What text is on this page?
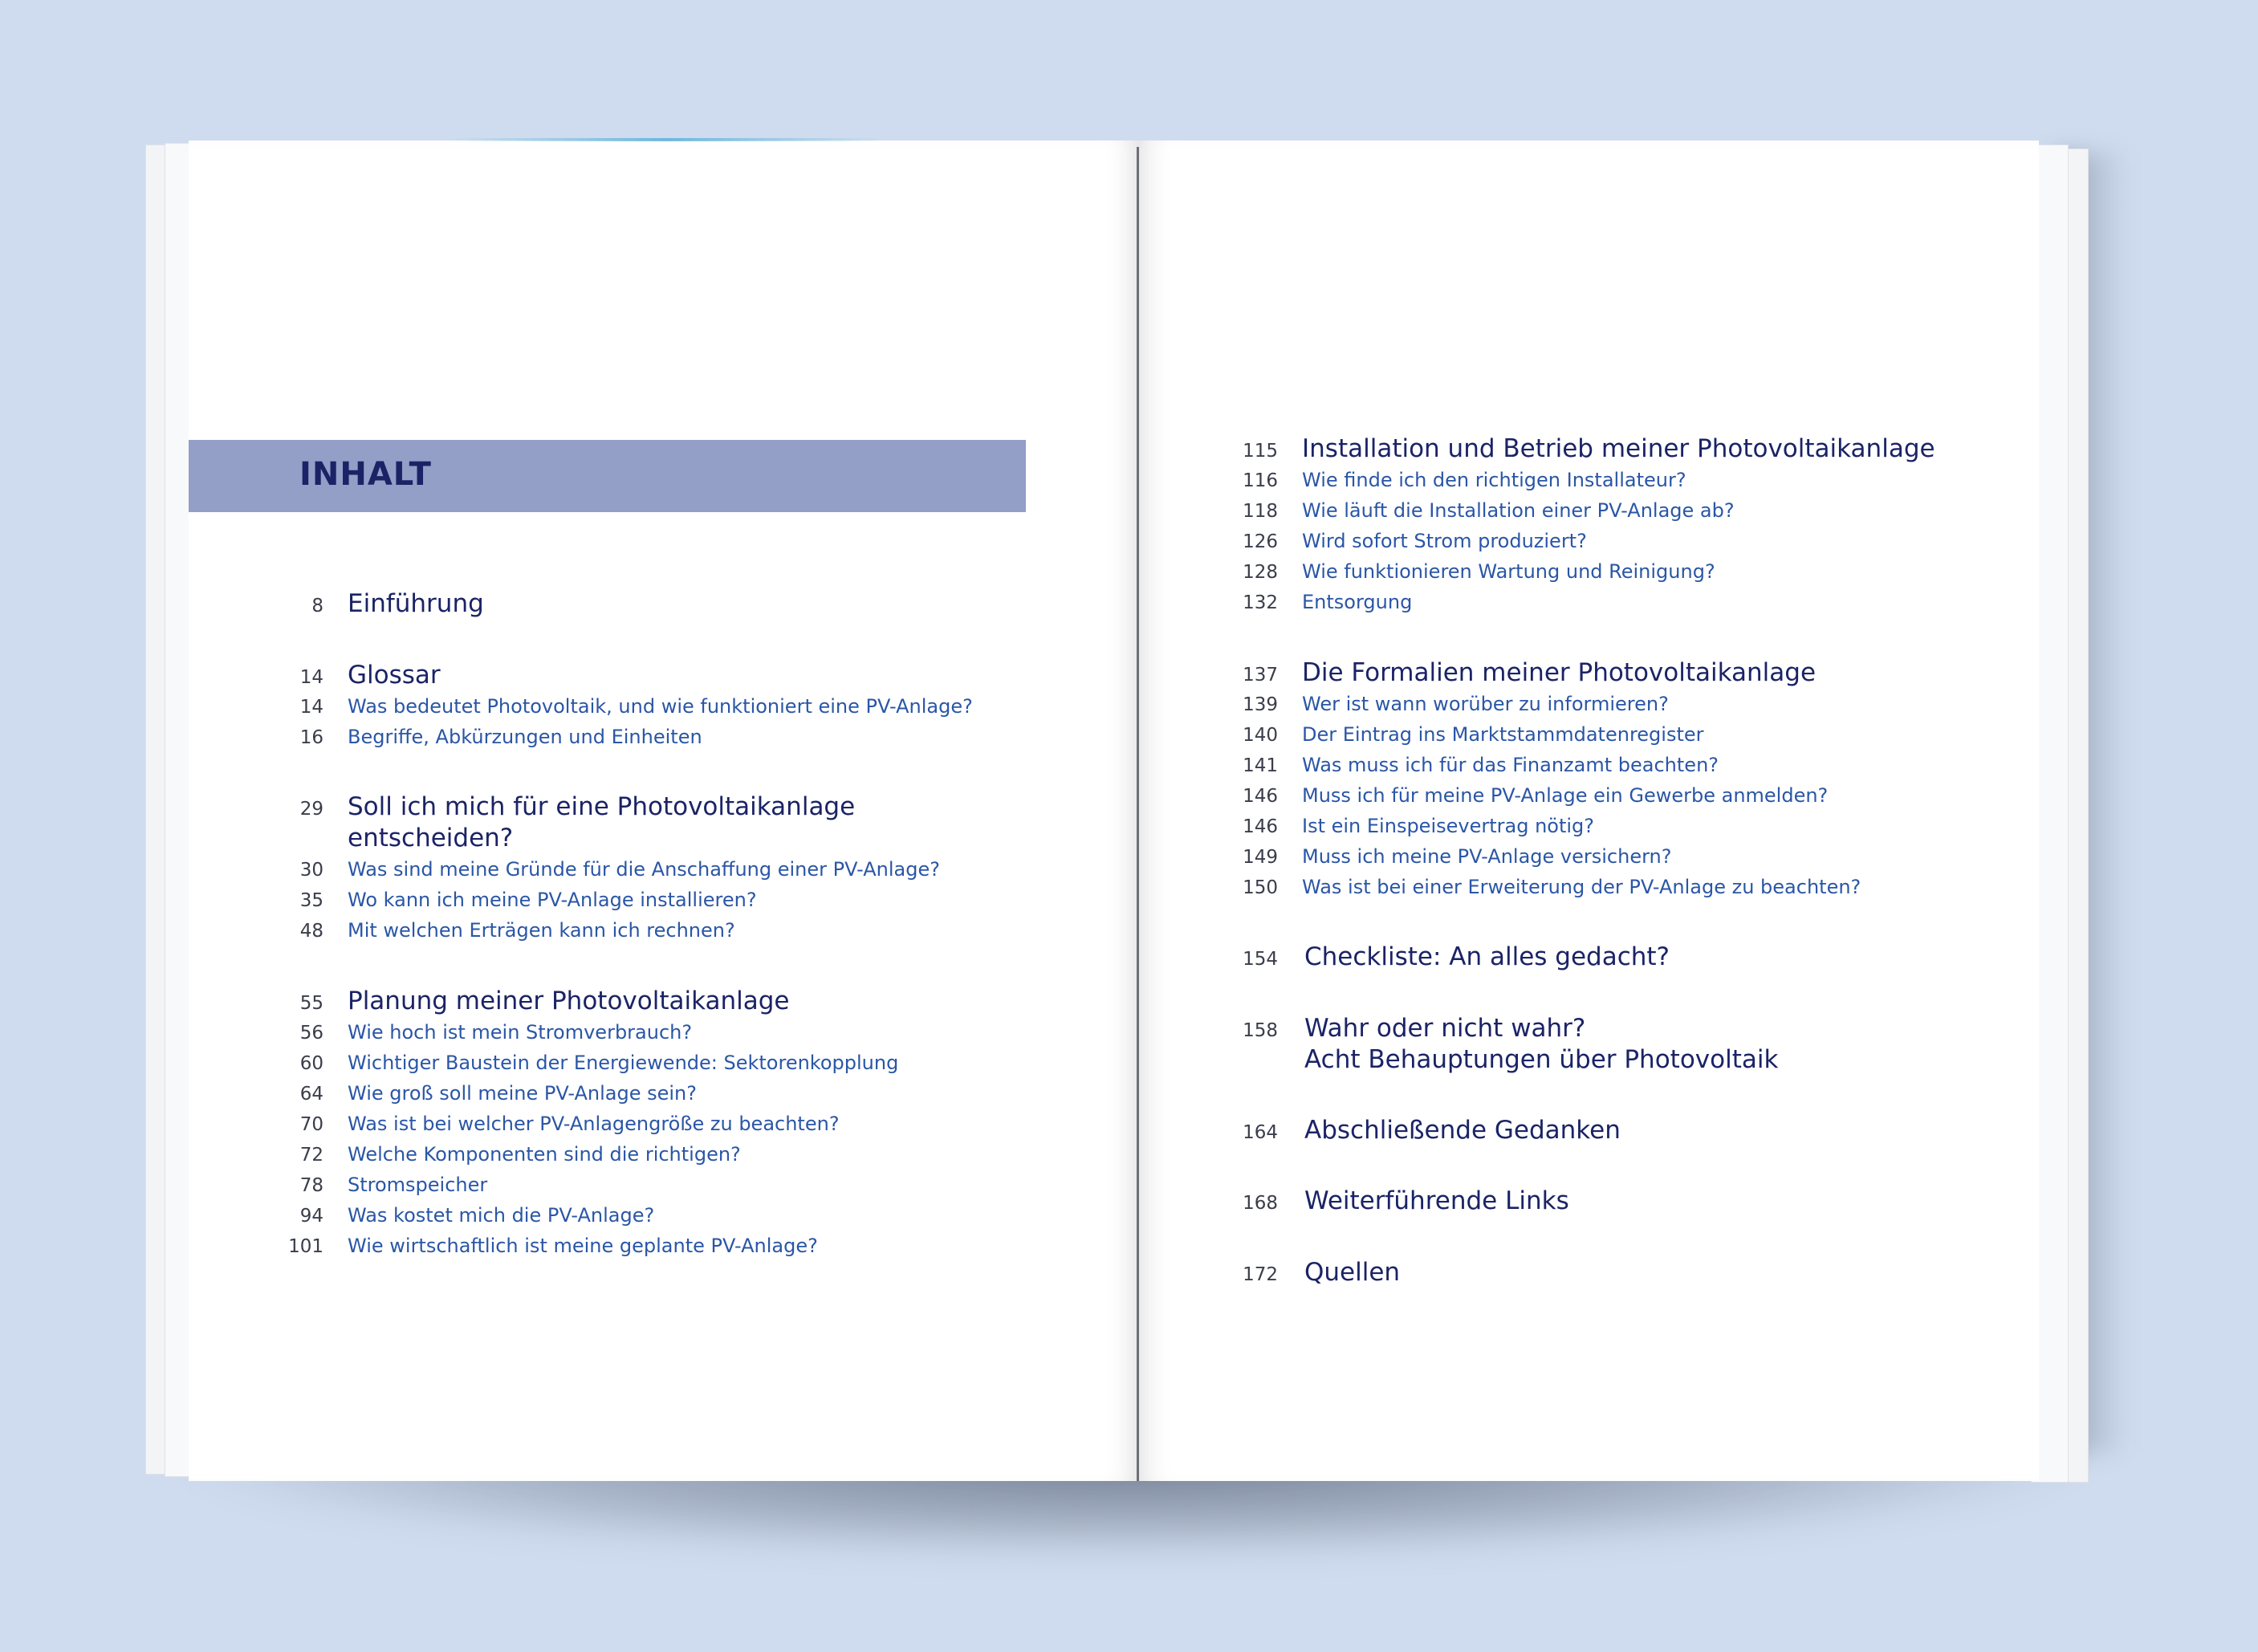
INHALT
8 Einführung
14 Glossar
14 Was bedeutet Photovoltaik, und wie funktioniert eine PV-Anlage?
16 Begriffe, Abkürzungen und Einheiten
29 Soll ich mich für eine Photovoltaikanlage
entscheiden?
30 Was sind meine Gründe für die Anschaffung einer PV-Anlage?
35 Wo kann ich meine PV-Anlage installieren?
48 Mit welchen Erträgen kann ich rechnen?
55 Planung meiner Photovoltaikanlage
56 Wie hoch ist mein Stromverbrauch?
60 Wichtiger Baustein der Energiewende: Sektorenkopplung
64 Wie groß soll meine PV-Anlage sein?
70 Was ist bei welcher PV-Anlagengröße zu beachten?
72 Welche Komponenten sind die richtigen?
78 Stromspeicher
94 Was kostet mich die PV-Anlage?
101 Wie wirtschaftlich ist meine geplante PV-Anlage?
115 Installation und Betrieb meiner Photovoltaikanlage
116 Wie finde ich den richtigen Installateur?
118 Wie läuft die Installation einer PV-Anlage ab?
126 Wird sofort Strom produziert?
128 Wie funktionieren Wartung und Reinigung?
132 Entsorgung
137 Die Formalien meiner Photovoltaikanlage
139 Wer ist wann worüber zu informieren?
140 Der Eintrag ins Marktstammdatenregister
141 Was muss ich für das Finanzamt beachten?
146 Muss ich für meine PV-Anlage ein Gewerbe anmelden?
146 Ist ein Einspeisevertrag nötig?
149 Muss ich meine PV-Anlage versichern?
150 Was ist bei einer Erweiterung der PV-Anlage zu beachten?
154 Checkliste: An alles gedacht?
158 Wahr oder nicht wahr?
Acht Behauptungen über Photovoltaik
164 Abschließende Gedanken
168 Weiterführende Links
172 Quellen
